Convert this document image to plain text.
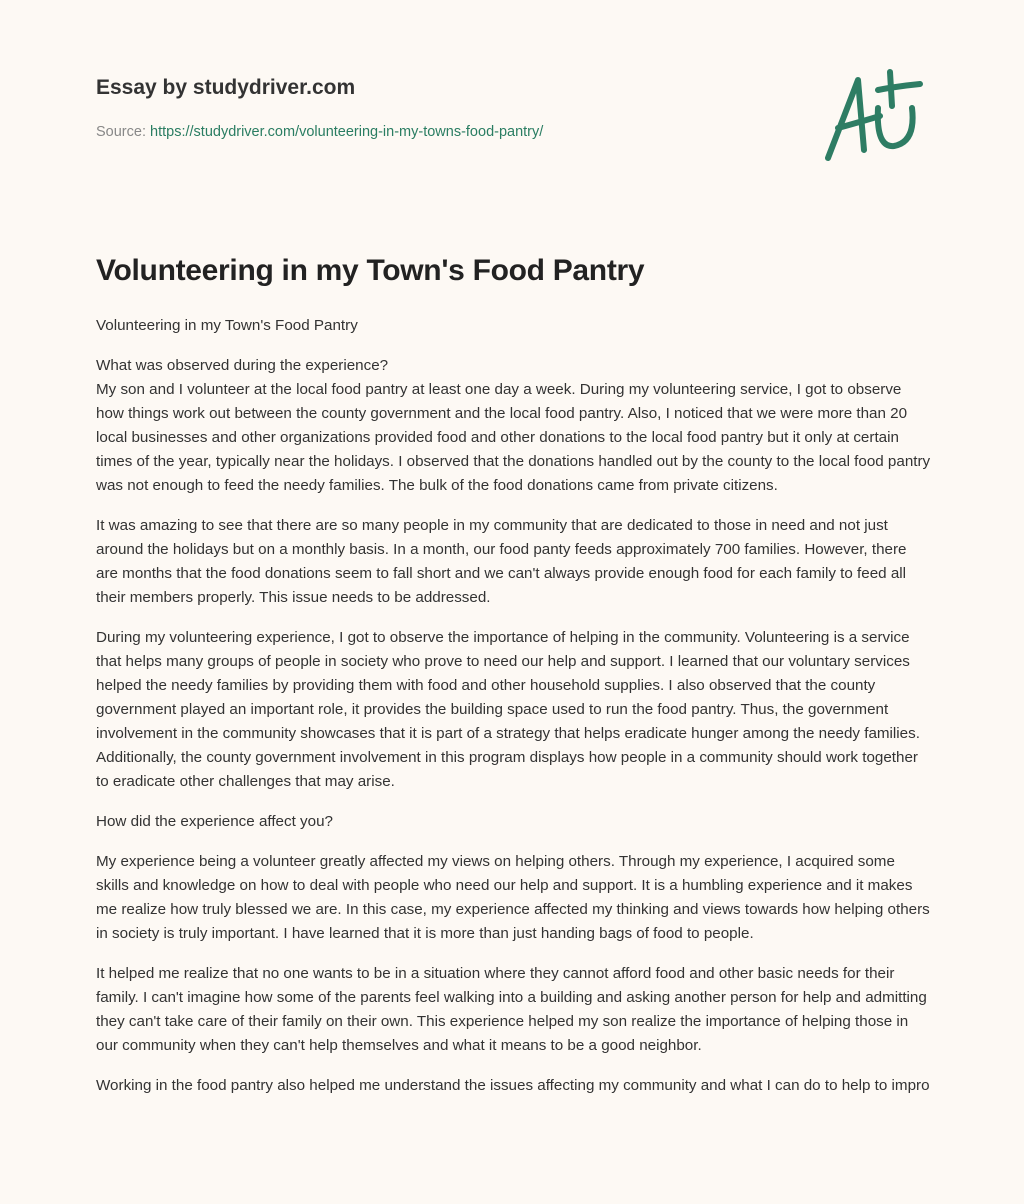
Essay by studydriver.com
Source: https://studydriver.com/volunteering-in-my-towns-food-pantry/
Volunteering in my Town's Food Pantry

Volunteering in my Town's Food Pantry

What was observed during the experience?

My son and I volunteer at the local food pantry at least one day a week. During my volunteering service, I got to observe how things work out between the county government and the local food pantry. Also, I noticed that we were more than 20 local businesses and other organizations provided food and other donations to the local food pantry but it only at certain times of the year, typically near the holidays. I observed that the donations handled out by the county to the local food pantry was not enough to feed the needy families. The bulk of the food donations came from private citizens.

It was amazing to see that there are so many people in my community that are dedicated to those in need and not just around the holidays but on a monthly basis. In a month, our food panty feeds approximately 700 families. However, there are months that the food donations seem to fall short and we can't always provide enough food for each family to feed all their members properly. This issue needs to be addressed.

During my volunteering experience, I got to observe the importance of helping in the community. Volunteering is a service that helps many groups of people in society who prove to need our help and support. I learned that our voluntary services helped the needy families by providing them with food and other household supplies. I also observed that the county government played an important role, it provides the building space used to run the food pantry. Thus, the government involvement in the community showcases that it is part of a strategy that helps eradicate hunger among the needy families. Additionally, the county government involvement in this program displays how people in a community should work together to eradicate other challenges that may arise.

How did the experience affect you?

My experience being a volunteer greatly affected my views on helping others. Through my experience, I acquired some skills and knowledge on how to deal with people who need our help and support. It is a humbling experience and it makes me realize how truly blessed we are. In this case, my experience affected my thinking and views towards how helping others in society is truly important. I have learned that it is more than just handing bags of food to people.

It helped me realize that no one wants to be in a situation where they cannot afford food and other basic needs for their family. I can't imagine how some of the parents feel walking into a building and asking another person for help and admitting they can't take care of their family on their own. This experience helped my son realize the importance of helping those in our community when they can't help themselves and what it means to be a good neighbor.

Working in the food pantry also helped me understand the issues affecting my community and what I can do to help to impro
